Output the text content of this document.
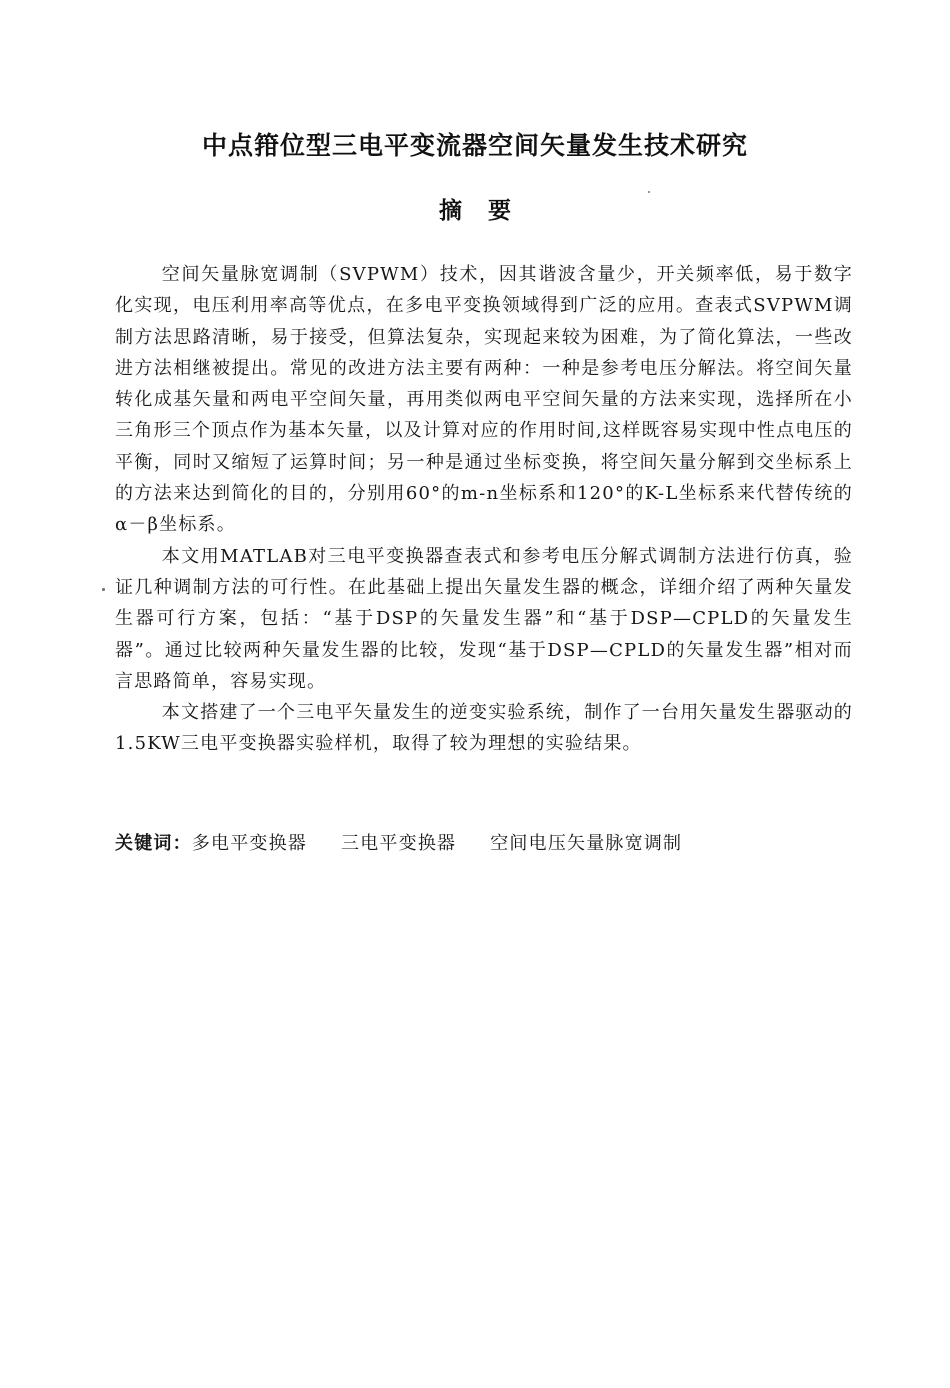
中点箝位型三电平变流器空间矢量发生技术研究
摘要

空间矢量脉宽调制（SVPWM）技术，因其谐波含量少，开关频率低，易于数字化实现，电压利用率高等优点，在多电平变换领域得到广泛的应用。查表式SVPWM调制方法思路清晰，易于接受，但算法复杂，实现起来较为困难，为了简化算法，一些改进方法相继被提出。常见的改进方法主要有两种：一种是参考电压分解法。将空间矢量转化成基矢量和两电平空间矢量，再用类似两电平空间矢量的方法来实现，选择所在小三角形三个顶点作为基本矢量，以及计算对应的作用时间,这样既容易实现中性点电压的平衡，同时又缩短了运算时间；另一种是通过坐标变换，将空间矢量分解到交坐标系上的方法来达到简化的目的，分别用60°的m-n坐标系和120°的K-L坐标系来代替传统的α－β坐标系。

本文用MATLAB对三电平变换器查表式和参考电压分解式调制方法进行仿真，验证几种调制方法的可行性。在此基础上提出矢量发生器的概念，详细介绍了两种矢量发生器可行方案，包括：“基于DSP的矢量发生器”和“基于DSP—CPLD的矢量发生器”。通过比较两种矢量发生器的比较，发现“基于DSP—CPLD的矢量发生器”相对而言思路简单，容易实现。

本文搭建了一个三电平矢量发生的逆变实验系统，制作了一台用矢量发生器驱动的1.5KW三电平变换器实验样机，取得了较为理想的实验结果。

关键词：多电平变换器 三电平变换器 空间电压矢量脉宽调制
